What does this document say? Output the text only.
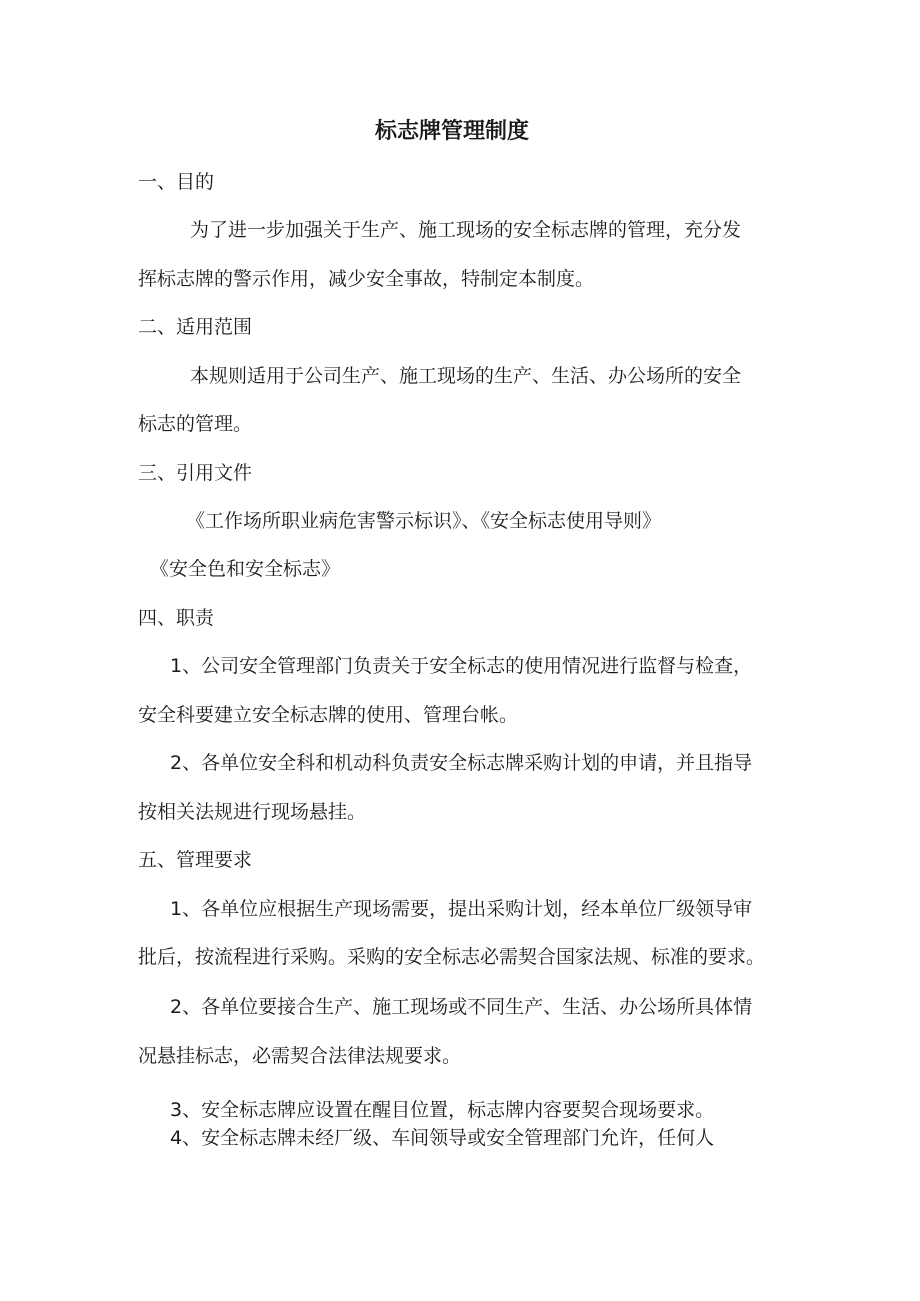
标志牌管理制度

一、目的

为了进一步加强关于生产、施工现场的安全标志牌的管理，充分发

挥标志牌的警示作用，减少安全事故，特制定本制度。

二、适用范围

本规则适用于公司生产、施工现场的生产、生活、办公场所的安全

标志的管理。

三、引用文件

《工作场所职业病危害警示标识》、《安全标志使用导则》

《安全色和安全标志》

四、职责

1、公司安全管理部门负责关于安全标志的使用情况进行监督与检查，

安全科要建立安全标志牌的使用、管理台帐。

2、各单位安全科和机动科负责安全标志牌采购计划的申请，并且指导

按相关法规进行现场悬挂。

五、管理要求

1、各单位应根据生产现场需要，提出采购计划，经本单位厂级领导审

批后，按流程进行采购。采购的安全标志必需契合国家法规、标准的要求。

2、各单位要接合生产、施工现场或不同生产、生活、办公场所具体情

况悬挂标志，必需契合法律法规要求。

3、安全标志牌应设置在醒目位置，标志牌内容要契合现场要求。

4、安全标志牌未经厂级、车间领导或安全管理部门允许，任何人
